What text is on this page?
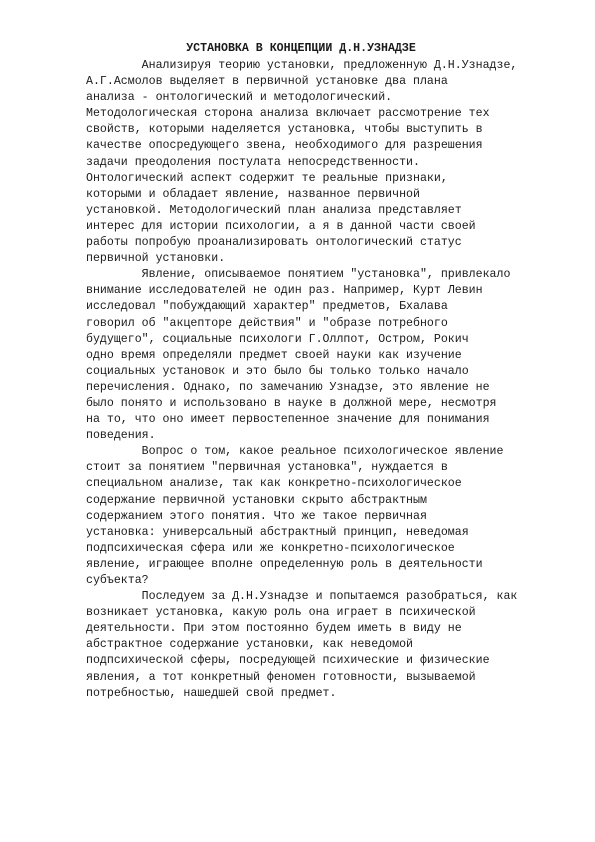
УСТАНОВКА В КОНЦЕПЦИИ Д.Н.УЗНАДЗЕ
Анализируя теорию установки, предложенную Д.Н.Узнадзе,
А.Г.Асмолов выделяет в первичной установке два плана
анализа - онтологический и методологический.
Методологическая сторона анализа включает рассмотрение тех
свойств, которыми наделяется установка, чтобы выступить в
качестве опосредующего звена, необходимого для разрешения
задачи преодоления постулата непосредственности.
Онтологический аспект содержит те реальные признаки,
которыми и обладает явление, названное первичной
установкой. Методологический план анализа представляет
интерес для истории психологии, а я в данной части своей
работы попробую проанализировать онтологический статус
первичной установки.
Явление, описываемое понятием "установка", привлекало
внимание исследователей не один раз. Например, Курт Левин
исследовал "побуждающий характер" предметов, Бхалава
говорил об "акцепторе действия" и "образе потребного
будущего", социальные психологи Г.Оллпот, Остром, Рокич
одно время определяли предмет своей науки как изучение
социальных установок и это было бы только только начало
перечисления. Однако, по замечанию Узнадзе, это явление не
было понято и использовано в науке в должной мере, несмотря
на то, что оно имеет первостепенное значение для понимания
поведения.
Вопрос о том, какое реальное психологическое явление
стоит за понятием "первичная установка", нуждается в
специальном анализе, так как конкретно-психологическое
содержание первичной установки скрыто абстрактным
содержанием этого понятия. Что же такое первичная
установка: универсальный абстрактный принцип, неведомая
подпсихическая сфера или же конкретно-психологическое
явление, играющее вполне определенную роль в деятельности
субъекта?
Последуем за Д.Н.Узнадзе и попытаемся разобраться, как
возникает установка, какую роль она играет в психической
деятельности. При этом постоянно будем иметь в виду не
абстрактное содержание установки, как неведомой
подпсихической сферы, посредующей психические и физические
явления, а тот конкретный феномен готовности, вызываемой
потребностью, нашедшей свой предмет.
